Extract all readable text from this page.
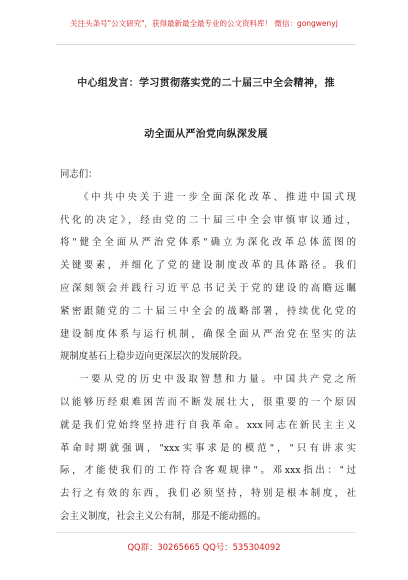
关注头条号"公文研究"，获得最新最全最专业的公文资料库！ 微信：gongwenyj
中心组发言：学习贯彻落实党的二十届三中全会精神，推
动全面从严治党向纵深发展
同志们：
《中共中央关于进一步全面深化改革、推进中国式现
代化的决定》，经由党的二十届三中全会审慎审议通过，
将"健全全面从严治党体系"确立为深化改革总体蓝图的
关键要素，并细化了党的建设制度改革的具体路径。我们
应深刻领会并践行习近平总书记关于党的建设的高瞻远瞩
紧密跟随党的二十届三中全会的战略部署，持续优化党的
建设制度体系与运行机制，确保全面从严治党在坚实的法
规制度基石上稳步迈向更深层次的发展阶段。
一要从党的历史中汲取智慧和力量。中国共产党之所
以能够历经艰难困苦而不断发展壮大，很重要的一个原因
就是我们党始终坚持进行自我革命。xxx同志在新民主主义
革命时期就强调，"xxx实事求是的模范"，"只有讲求实
际，才能使我们的工作符合客观规律"。邓xxx指出："过
去行之有效的东西，我们必须坚持，特别是根本制度，社
会主义制度，社会主义公有制，那是不能动摇的。
QQ群：30265665 QQ号：535304092
